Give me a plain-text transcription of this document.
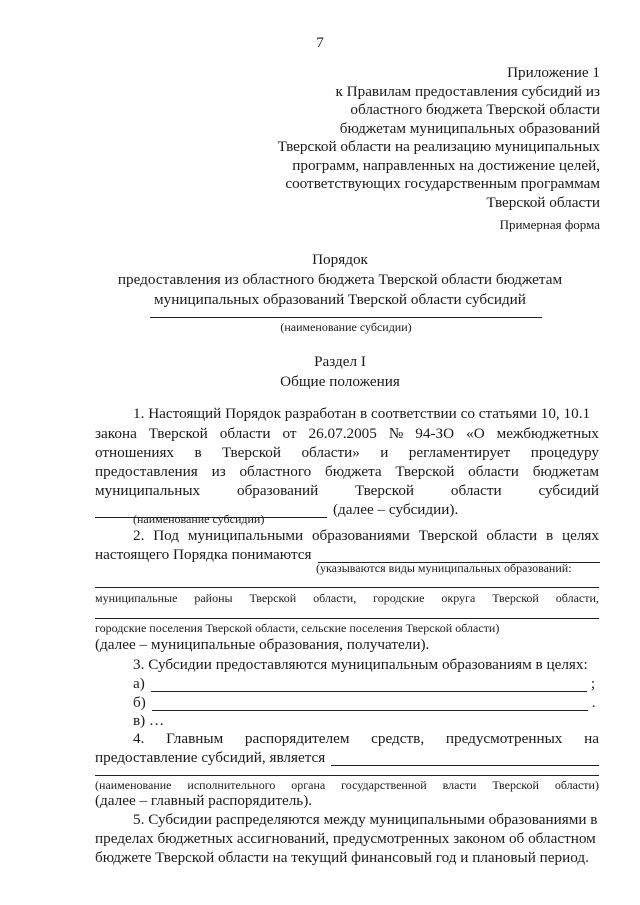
7
Приложение 1
к Правилам предоставления субсидий из
областного бюджета Тверской области
бюджетам муниципальных образований
Тверской области на реализацию муниципальных
программ, направленных на достижение целей,
соответствующих государственным программам
Тверской области
Примерная форма
Порядок
предоставления из областного бюджета Тверской области бюджетам
муниципальных образований Тверской области субсидий
(наименование субсидии)
Раздел I
Общие положения
1. Настоящий Порядок разработан в соответствии со статьями 10, 10.1
закона Тверской области от 26.07.2005 № 94-ЗО «О межбюджетных
отношениях в Тверской области» и регламентирует процедуру
предоставления из областного бюджета Тверской области бюджетам
муниципальных образований Тверской области субсидий
(далее – субсидии).
(наименование субсидии)
2. Под муниципальными образованиями Тверской области в целях
настоящего Порядка понимаются
(указываются виды муниципальных образований:
муниципальные районы Тверской области, городские округа Тверской области,
городские поселения Тверской области, сельские поселения Тверской области)
(далее – муниципальные образования, получатели).
3. Субсидии предоставляются муниципальным образованиям в целях:
а)	;
б)	.
в) …
4. Главным распорядителем средств, предусмотренных на
предоставление субсидий, является
(наименование исполнительного органа государственной власти Тверской области)
(далее – главный распорядитель).
5. Субсидии распределяются между муниципальными образованиями в
пределах бюджетных ассигнований, предусмотренных законом об областном
бюджете Тверской области на текущий финансовый год и плановый период.
